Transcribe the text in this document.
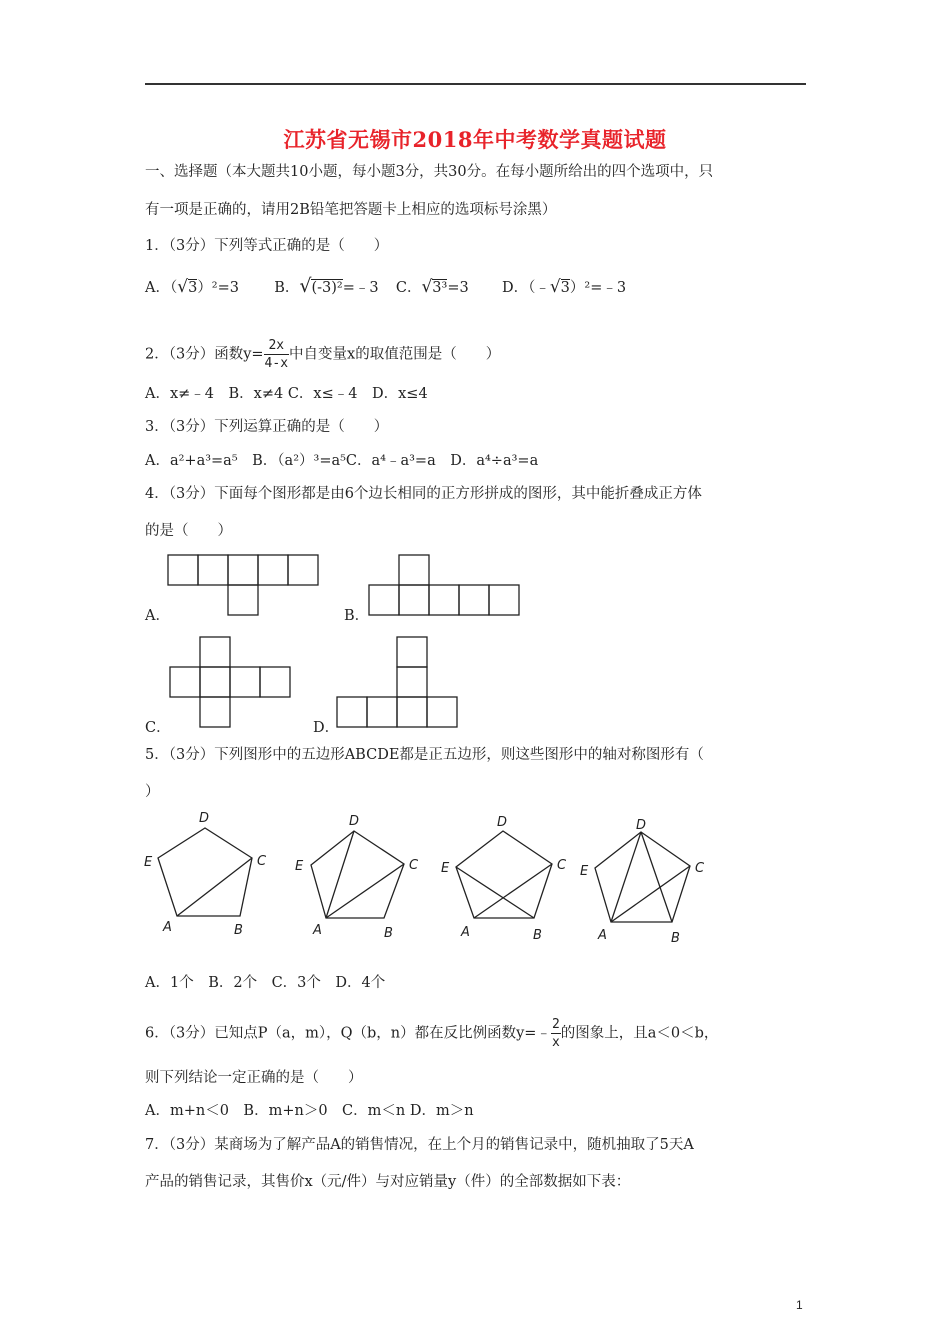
江苏省无锡市2018年中考数学真题试题
一、选择题（本大题共10小题，每小题3分，共30分。在每小题所给出的四个选项中，只
有一项是正确的，请用2B铅笔把答题卡上相应的选项标号涂黑）
1．（3分）下列等式正确的是（　　）
A．（√3）²=3 B．√(-3)²=﹣3 C．√3³=3 D．（﹣√3）²=﹣3
2．（3分）函数$y= \frac{2x}{4-x}$ 中自变量x的取值范围是（　　）
A．x≠﹣4　B．x≠4 C．x≤﹣4　D．x≤4
3．（3分）下列运算正确的是（　　）
A．a²+a³=a⁵　B．（a²）³=a⁵C．a⁴﹣a³=a　D．a⁴÷a³=a
4．（3分）下面每个图形都是由6个边长相同的正方形拼成的图形，其中能折叠成正方体
的是（　　）
A．	B．
C．	D．
5．（3分）下列图形中的五边形ABCDE都是正五边形，则这些图形中的轴对称图形有（
）
A	B
C
D
E
A	B
C
D
E
A	B
C
D
E
A	B
C
D
E
A．1个　B．2个　C．3个　D．4个
6．（3分）已知点P（a，m），Q（b，n）都在反比例函数y=﹣ $\frac{2}{x}$ 的图象上，且a＜0＜b，
则下列结论一定正确的是（　　）
A．m+n＜0　B．m+n＞0　C．m＜n D．m＞n
7．（3分）某商场为了解产品A的销售情况，在上个月的销售记录中，随机抽取了5天A
产品的销售记录，其售价x（元/件）与对应销量y（件）的全部数据如下表：
1
